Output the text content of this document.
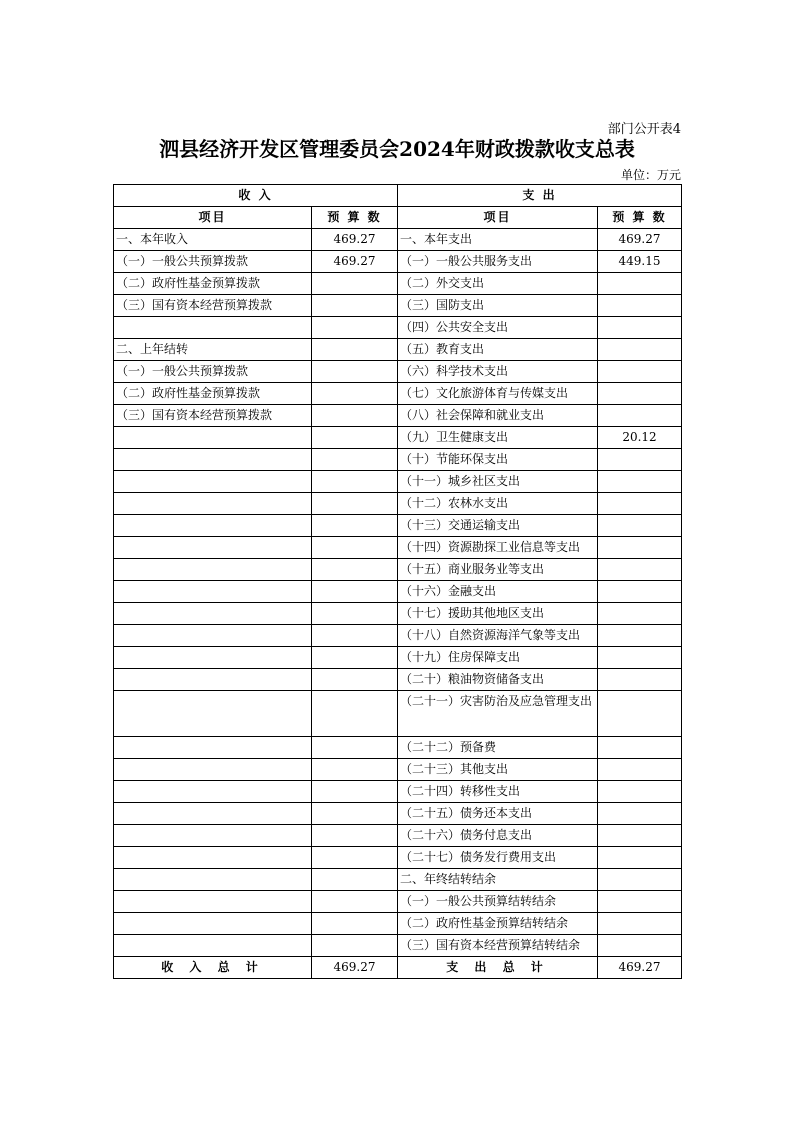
部门公开表4
泗县经济开发区管理委员会2024年财政拨款收支总表
单位：万元
收 入		支 出	
项目	预 算 数	项目	预 算 数
一、本年收入	469.27	一、本年支出	469.27
（一）一般公共预算拨款	469.27	（一）一般公共服务支出	449.15
（二）政府性基金预算拨款		（二）外交支出	
（三）国有资本经营预算拨款		（三）国防支出	
		（四）公共安全支出	
二、上年结转		（五）教育支出	
（一）一般公共预算拨款		（六）科学技术支出	
（二）政府性基金预算拨款		（七）文化旅游体育与传媒支出	
（三）国有资本经营预算拨款		（八）社会保障和就业支出	
		（九）卫生健康支出	20.12
		（十）节能环保支出	
		（十一）城乡社区支出	
		（十二）农林水支出	
		（十三）交通运输支出	
		（十四）资源勘探工业信息等支出	
		（十五）商业服务业等支出	
		（十六）金融支出	
		（十七）援助其他地区支出	
		（十八）自然资源海洋气象等支出	
		（十九）住房保障支出	
		（二十）粮油物资储备支出	
		（二十一）灾害防治及应急管理支出	
		（二十二）预备费	
		（二十三）其他支出	
		（二十四）转移性支出	
		（二十五）债务还本支出	
		（二十六）债务付息支出	
		（二十七）债务发行费用支出	
		二、年终结转结余	
		（一）一般公共预算结转结余	
		（二）政府性基金预算结转结余	
		（三）国有资本经营预算结转结余	
收 入 总 计	469.27	支 出 总 计	469.27
